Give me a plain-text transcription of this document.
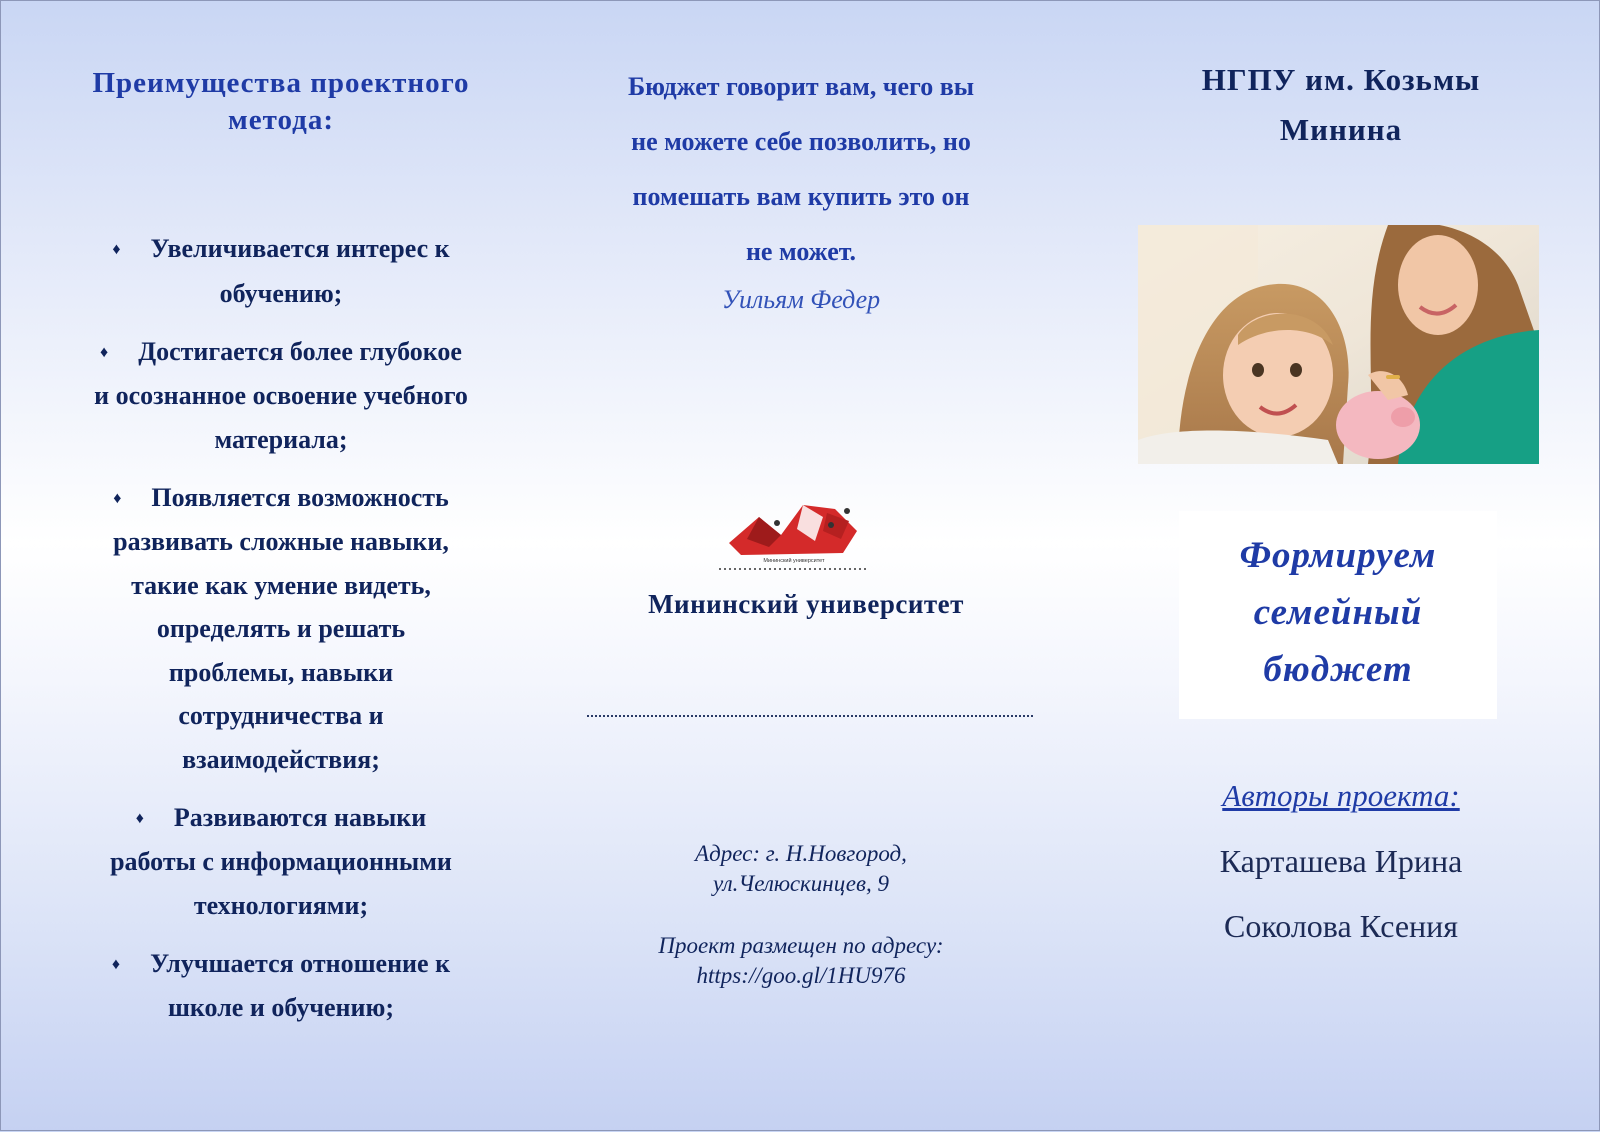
Преимущества проектного
метода:
♦ Увеличивается интерес к
обучению;
♦ Достигается более глубокое
и осознанное освоение учебного
материала;
♦ Появляется возможность
развивать сложные навыки,
такие как умение видеть,
определять и решать
проблемы, навыки
сотрудничества и
взаимодействия;
♦ Развиваются навыки
работы с информационными
технологиями;
♦ Улучшается отношение к
школе и обучению;
Бюджет говорит вам, чего вы
не можете себе позволить, но
помешать вам купить это он
не может.
Уильям Федер
Мининский университет
Мининский университет
Адрес: г. Н.Новгород,
ул.Челюскинцев, 9
Проект размещен по адресу:
https://goo.gl/1HU976
НГПУ им. Козьмы
Минина
Формируем
семейный
бюджет
Авторы проекта:
Карташева Ирина
Соколова Ксения
